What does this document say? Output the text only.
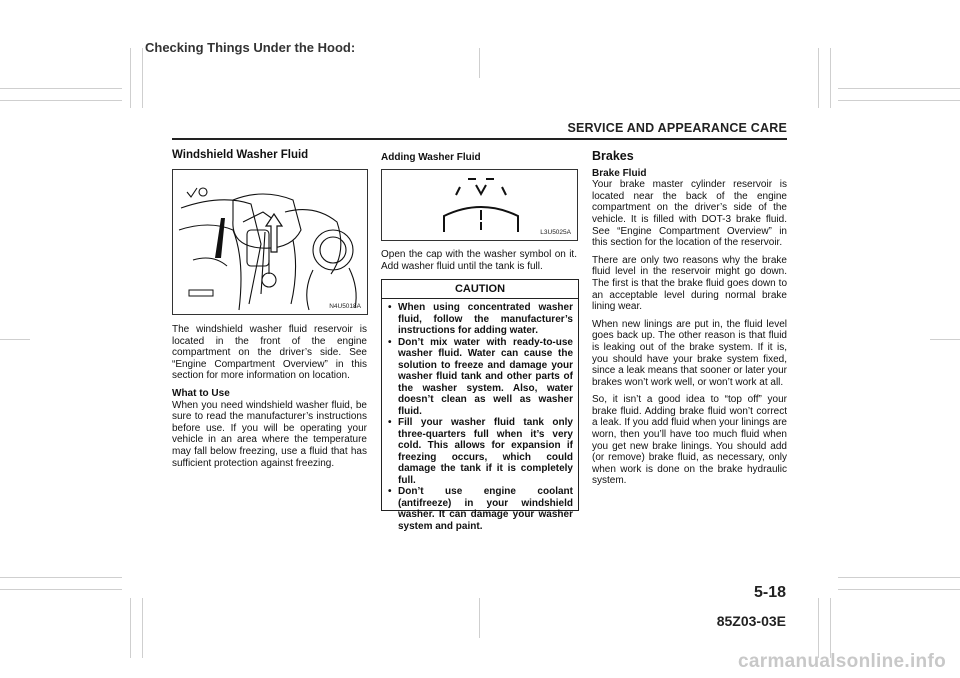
Checking Things Under the Hood:
SERVICE AND APPEARANCE CARE
Windshield Washer Fluid
N4U5018A

The windshield washer fluid reservoir is located in the front of the engine compartment on the driver’s side. See “Engine Compartment Overview” in this section for more information on location.

What to Use

When you need windshield washer fluid, be sure to read the manufacturer’s instructions before use. If you will be operating your vehicle in an area where the temperature may fall below freezing, use a fluid that has sufficient protection against freezing.

Adding Washer Fluid
L3U5025A

Open the cap with the washer symbol on it. Add washer fluid until the tank is full.

CAUTION
• When using concentrated washer fluid, follow the manufacturer’s instructions for adding water.
• Don’t mix water with ready-to-use washer fluid. Water can cause the solution to freeze and damage your washer fluid tank and other parts of the washer system. Also, water doesn’t clean as well as washer fluid.
• Fill your washer fluid tank only three-quarters full when it’s very cold. This allows for expansion if freezing occurs, which could damage the tank if it is completely full.
• Don’t use engine coolant (antifreeze) in your windshield washer. It can damage your washer system and paint.
Brakes
Brake Fluid

Your brake master cylinder reservoir is located near the back of the engine compartment on the driver’s side of the vehicle. It is filled with DOT-3 brake fluid. See “Engine Compartment Overview” in this section for the location of the reservoir.

There are only two reasons why the brake fluid level in the reservoir might go down. The first is that the brake fluid goes down to an acceptable level during normal brake lining wear.

When new linings are put in, the fluid level goes back up. The other reason is that fluid is leaking out of the brake system. If it is, you should have your brake system fixed, since a leak means that sooner or later your brakes won’t work well, or won’t work at all.

So, it isn’t a good idea to “top off” your brake fluid. Adding brake fluid won’t correct a leak. If you add fluid when your linings are worn, then you’ll have too much fluid when you get new brake linings. You should add (or remove) brake fluid, as necessary, only when work is done on the brake hydraulic system.

5-18
85Z03-03E
carmanualsonline.info
